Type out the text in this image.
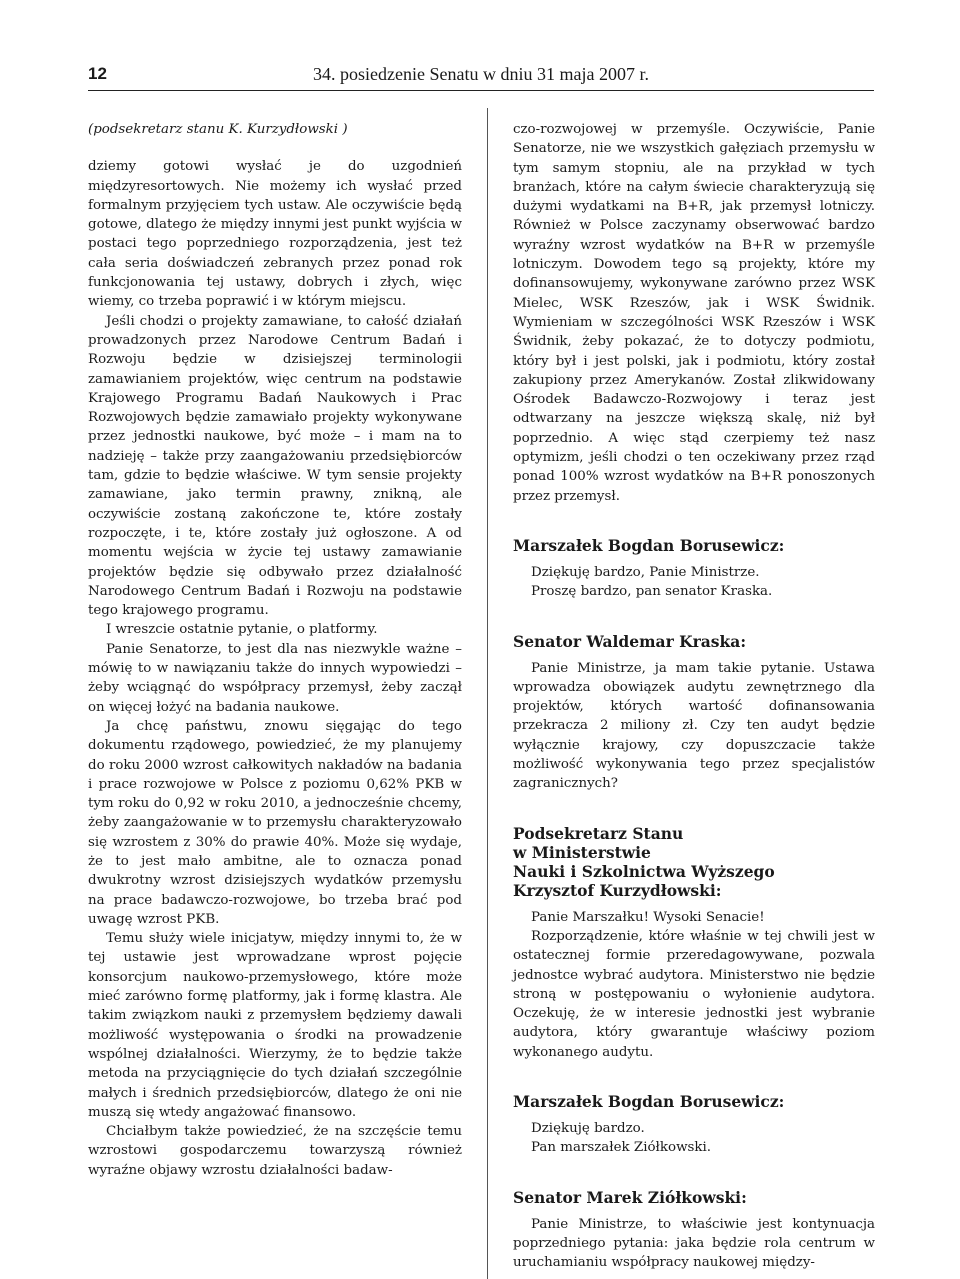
12	34. posiedzenie Senatu w dniu 31 maja 2007 r.

(podsekretarz stanu K. Kurzydłowski )

dziemy gotowi wysłać je do uzgodnień międzyresortowych. Nie możemy ich wysłać przed formalnym przyjęciem tych ustaw. Ale oczywiście będą gotowe, dlatego że między innymi jest punkt wyjścia w postaci tego poprzedniego rozporządzenia, jest też cała seria doświadczeń zebranych przez ponad rok funkcjonowania tej ustawy, dobrych i złych, więc wiemy, co trzeba poprawić i w którym miejscu.

Jeśli chodzi o projekty zamawiane, to całość działań prowadzonych przez Narodowe Centrum Badań i Rozwoju będzie w dzisiejszej terminologii zamawianiem projektów, więc centrum na podstawie Krajowego Programu Badań Naukowych i Prac Rozwojowych będzie zamawiało projekty wykonywane przez jednostki naukowe, być może – i mam na to nadzieję – także przy zaangażowaniu przedsiębiorców tam, gdzie to będzie właściwe. W tym sensie projekty zamawiane, jako termin prawny, znikną, ale oczywiście zostaną zakończone te, które zostały rozpoczęte, i te, które zostały już ogłoszone. A od momentu wejścia w życie tej ustawy zamawianie projektów będzie się odbywało przez działalność Narodowego Centrum Badań i Rozwoju na podstawie tego krajowego programu.

I wreszcie ostatnie pytanie, o platformy.

Panie Senatorze, to jest dla nas niezwykle ważne – mówię to w nawiązaniu także do innych wypowiedzi – żeby wciągnąć do współpracy przemysł, żeby zaczął on więcej łożyć na badania naukowe.

Ja chcę państwu, znowu sięgając do tego dokumentu rządowego, powiedzieć, że my planujemy do roku 2000 wzrost całkowitych nakładów na badania i prace rozwojowe w Polsce z poziomu 0,62% PKB w tym roku do 0,92 w roku 2010, a jednocześnie chcemy, żeby zaangażowanie w to przemysłu charakteryzowało się wzrostem z 30% do prawie 40%. Może się wydaje, że to jest mało ambitne, ale to oznacza ponad dwukrotny wzrost dzisiejszych wydatków przemysłu na prace badawczo-rozwojowe, bo trzeba brać pod uwagę wzrost PKB.

Temu służy wiele inicjatyw, między innymi to, że w tej ustawie jest wprowadzane wprost pojęcie konsorcjum naukowo-przemysłowego, które może mieć zarówno formę platformy, jak i formę klastra. Ale takim związkom nauki z przemysłem będziemy dawali możliwość występowania o środki na prowadzenie wspólnej działalności. Wierzymy, że to będzie także metoda na przyciągnięcie do tych działań szczególnie małych i średnich przedsiębiorców, dlatego że oni nie muszą się wtedy angażować finansowo.

Chciałbym także powiedzieć, że na szczęście temu wzrostowi gospodarczemu towarzyszą również wyraźne objawy wzrostu działalności badaw-

czo-rozwojowej w przemyśle. Oczywiście, Panie Senatorze, nie we wszystkich gałęziach przemysłu w tym samym stopniu, ale na przykład w tych branżach, które na całym świecie charakteryzują się dużymi wydatkami na B+R, jak przemysł lotniczy. Również w Polsce zaczynamy obserwować bardzo wyraźny wzrost wydatków na B+R w przemyśle lotniczym. Dowodem tego są projekty, które my dofinansowujemy, wykonywane zarówno przez WSK Mielec, WSK Rzeszów, jak i WSK Świdnik. Wymieniam w szczególności WSK Rzeszów i WSK Świdnik, żeby pokazać, że to dotyczy podmiotu, który był i jest polski, jak i podmiotu, który został zakupiony przez Amerykanów. Został zlikwidowany Ośrodek Badawczo-Rozwojowy i teraz jest odtwarzany na jeszcze większą skalę, niż był poprzednio. A więc stąd czerpiemy też nasz optymizm, jeśli chodzi o ten oczekiwany przez rząd ponad 100% wzrost wydatków na B+R ponoszonych przez przemysł.

Marszałek Bogdan Borusewicz:

Dziękuję bardzo, Panie Ministrze.

Proszę bardzo, pan senator Kraska.

Senator Waldemar Kraska:

Panie Ministrze, ja mam takie pytanie. Ustawa wprowadza obowiązek audytu zewnętrznego dla projektów, których wartość dofinansowania przekracza 2 miliony zł. Czy ten audyt będzie wyłącznie krajowy, czy dopuszczacie także możliwość wykonywania tego przez specjalistów zagranicznych?

Podsekretarz Stanu
w Ministerstwie
Nauki i Szkolnictwa Wyższego
Krzysztof Kurzydłowski:

Panie Marszałku! Wysoki Senacie!

Rozporządzenie, które właśnie w tej chwili jest w ostatecznej formie przeredagowywane, pozwala jednostce wybrać audytora. Ministerstwo nie będzie stroną w postępowaniu o wyłonienie audytora. Oczekuję, że w interesie jednostki jest wybranie audytora, który gwarantuje właściwy poziom wykonanego audytu.

Marszałek Bogdan Borusewicz:

Dziękuję bardzo.

Pan marszałek Ziółkowski.

Senator Marek Ziółkowski:

Panie Ministrze, to właściwie jest kontynuacja poprzedniego pytania: jaka będzie rola centrum w uruchamianiu współpracy naukowej między-
